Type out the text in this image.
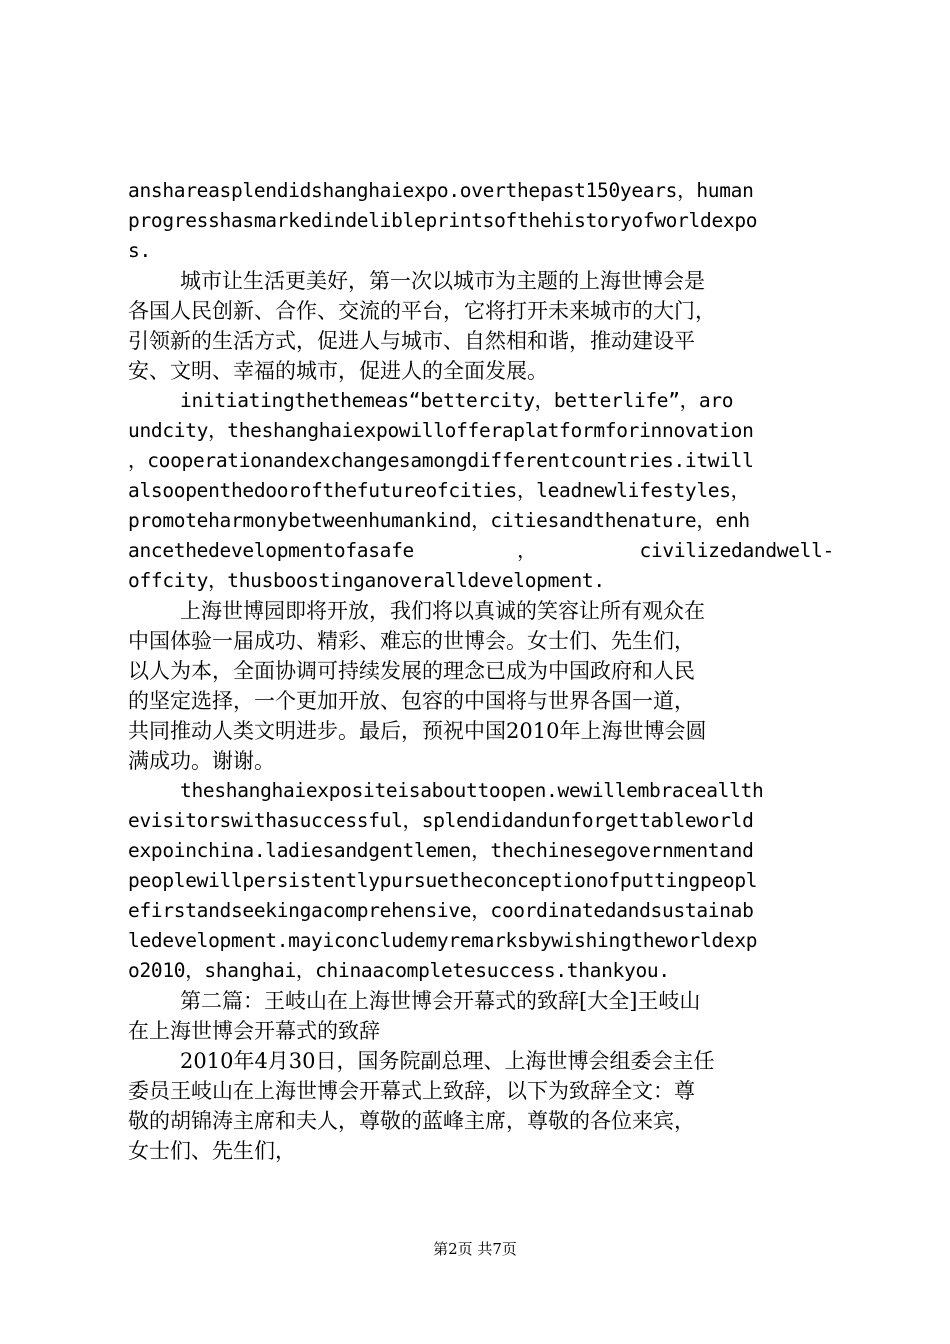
anshareasplendidshanghaiexpo.overthepast150years，human
progresshasmarkedindelibleprintsofthehistoryofworldexpo
s.
城市让生活更美好，第一次以城市为主题的上海世博会是
各国人民创新、合作、交流的平台，它将打开未来城市的大门，
引领新的生活方式，促进人与城市、自然相和谐，推动建设平
安、文明、幸福的城市，促进人的全面发展。
initiatingthethemeas“bettercity，betterlife”，aro
undcity，theshanghaiexpowillofferaplatformforinnovation
，cooperationandexchangesamongdifferentcountries.itwill
alsoopenthedoorofthefutureofcities，leadnewlifestyles，
promoteharmonybetweenhumankind，citiesandthenature，enh
ancethedevelopmentofasafe	，	civilizedandwell-
offcity，thusboostinganoveralldevelopment.
上海世博园即将开放，我们将以真诚的笑容让所有观众在
中国体验一届成功、精彩、难忘的世博会。女士们、先生们，
以人为本，全面协调可持续发展的理念已成为中国政府和人民
的坚定选择，一个更加开放、包容的中国将与世界各国一道，
共同推动人类文明进步。最后，预祝中国2010年上海世博会圆
满成功。谢谢。
theshanghaiexpositeisabouttoopen.wewillembraceallth
evisitorswithasuccessful，splendidandunforgettableworld
expoinchina.ladiesandgentlemen，thechinesegovernmentand
peoplewillpersistentlypursuetheconceptionofputtingpeopl
efirstandseekingacomprehensive，coordinatedandsustainab
ledevelopment.mayiconcludemyremarksbywishingtheworldexp
o2010，shanghai，chinaacompletesuccess.thankyou.
第二篇：王岐山在上海世博会开幕式的致辞[大全]王岐山
在上海世博会开幕式的致辞
2010年4月30日，国务院副总理、上海世博会组委会主任
委员王岐山在上海世博会开幕式上致辞，以下为致辞全文：尊
敬的胡锦涛主席和夫人，尊敬的蓝峰主席，尊敬的各位来宾，
女士们、先生们，
第2页 共7页
